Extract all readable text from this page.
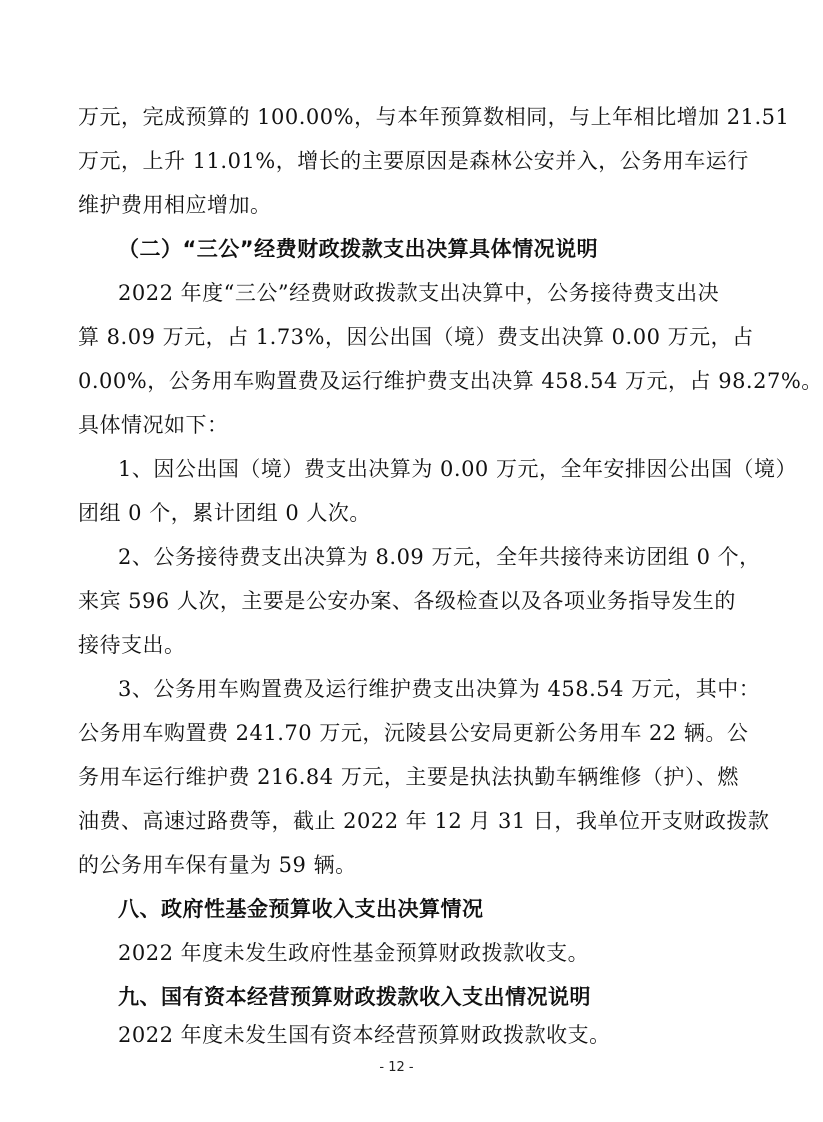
万元，完成预算的 100.00%，与本年预算数相同，与上年相比增加 21.51
万元，上升 11.01%，增长的主要原因是森林公安并入，公务用车运行
维护费用相应增加。
（二）“三公”经费财政拨款支出决算具体情况说明
2022 年度“三公”经费财政拨款支出决算中，公务接待费支出决
算 8.09 万元，占 1.73%，因公出国（境）费支出决算 0.00 万元，占
0.00%，公务用车购置费及运行维护费支出决算 458.54 万元，占 98.27%。
具体情况如下：
1、因公出国（境）费支出决算为 0.00 万元，全年安排因公出国（境）
团组 0 个，累计团组 0 人次。
2、公务接待费支出决算为 8.09 万元，全年共接待来访团组 0 个，
来宾 596 人次，主要是公安办案、各级检查以及各项业务指导发生的
接待支出。
3、公务用车购置费及运行维护费支出决算为 458.54 万元，其中：
公务用车购置费 241.70 万元，沅陵县公安局更新公务用车 22 辆。公
务用车运行维护费 216.84 万元，主要是执法执勤车辆维修（护）、燃
油费、高速过路费等，截止 2022 年 12 月 31 日，我单位开支财政拨款
的公务用车保有量为 59 辆。
八、政府性基金预算收入支出决算情况
2022 年度未发生政府性基金预算财政拨款收支。
九、国有资本经营预算财政拨款收入支出情况说明
2022 年度未发生国有资本经营预算财政拨款收支。
- 12 -
